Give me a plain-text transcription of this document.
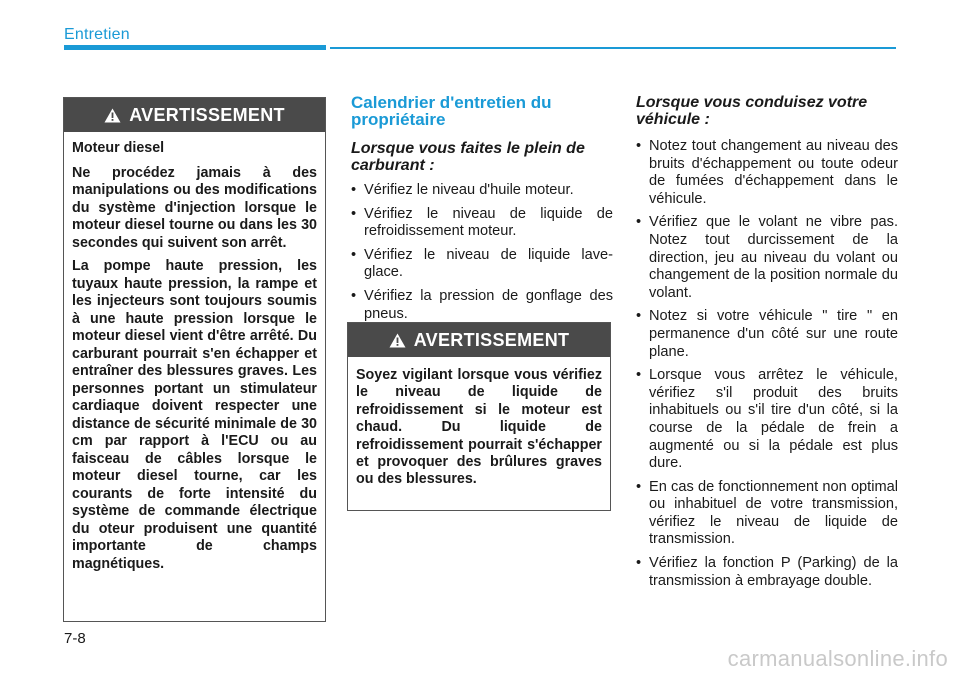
Entretien
AVERTISSEMENT

Moteur diesel

Ne procédez jamais à des manipulations ou des modifications du système d'injection lorsque le moteur diesel tourne ou dans les 30 secondes qui suivent son arrêt.

La pompe haute pression, les tuyaux haute pression, la rampe et les injecteurs sont toujours soumis à une haute pression lorsque le moteur diesel vient d'être arrêté. Du carburant pourrait s'en échapper et entraîner des blessures graves. Les personnes portant un stimulateur cardiaque doivent respecter une distance de sécurité minimale de 30 cm par rapport à l'ECU ou au faisceau de câbles lorsque le moteur diesel tourne, car les courants de forte intensité du système de commande électrique du oteur produisent une quantité importante de champs magnétiques.

Calendrier d'entretien du propriétaire
Lorsque vous faites le plein de carburant :
• Vérifiez le niveau d'huile moteur.
• Vérifiez le niveau de liquide de refroidissement moteur.
• Vérifiez le niveau de liquide lave-glace.
• Vérifiez la pression de gonflage des pneus.
AVERTISSEMENT

Soyez vigilant lorsque vous vérifiez le niveau de liquide de refroidissement si le moteur est chaud. Du liquide de refroidissement pourrait s'échapper et provoquer des brûlures graves ou des blessures.

Lorsque vous conduisez votre véhicule :
• Notez tout changement au niveau des bruits d'échappement ou toute odeur de fumées d'échappement dans le véhicule.
• Vérifiez que le volant ne vibre pas. Notez tout durcissement de la direction, jeu au niveau du volant ou changement de la position normale du volant.
• Notez si votre véhicule " tire " en permanence d'un côté sur une route plane.
• Lorsque vous arrêtez le véhicule, vérifiez s'il produit des bruits inhabituels ou s'il tire d'un côté, si la course de la pédale de frein a augmenté ou si la pédale est plus dure.
• En cas de fonctionnement non optimal ou inhabituel de votre transmission, vérifiez le niveau de liquide de transmission.
• Vérifiez la fonction P (Parking) de la transmission à embrayage double.
7-8
carmanualsonline.info
